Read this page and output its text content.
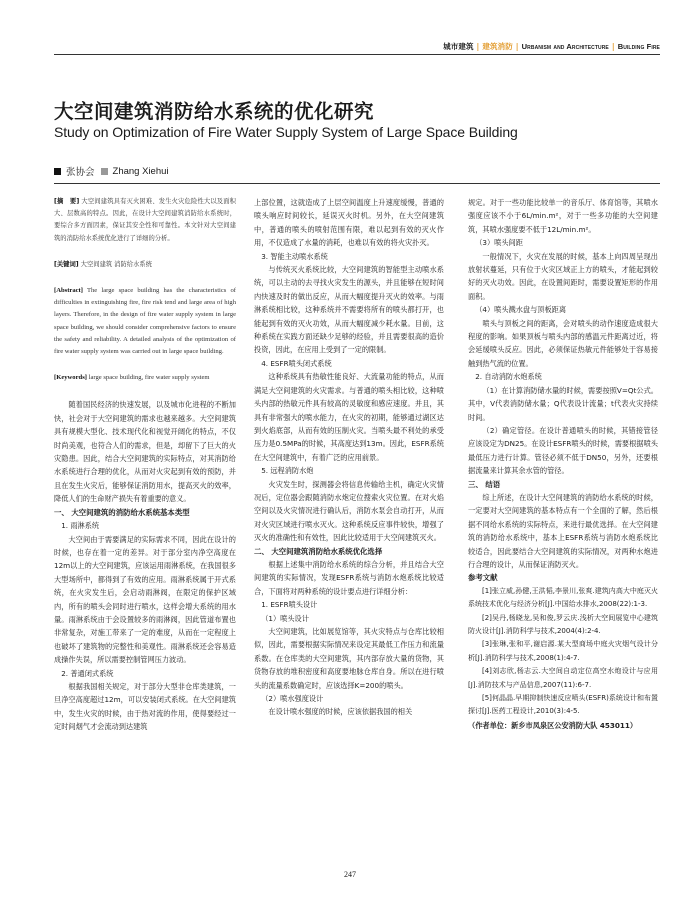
城市建筑 | 建筑消防 | Urbanism and Architecture | Building Fire
大空间建筑消防给水系统的优化研究
Study on Optimization of Fire Water Supply System of Large Space Building
张协会 Zhang Xiehui
[摘　要] 大空间建筑具有灭火困难、发生火灾危险性大以及面积大、层数高的特点。因此，在设计大空间建筑消防给水系统时，要综合多方面因素，保证其安全性和可靠性。本文针对大空间建筑的消防给水系统优化进行了详细的分析。
[关键词] 大空间建筑 消防给水系统
[Abstract] The large space building has the characteristics of difficulties in extinguishing fire, fire risk tend and large area of high layers. Therefore, in the design of fire water supply system in large space building, we should consider comprehensive factors to ensure the safety and reliability. A detailed analysis of the optimization of fire water supply system was carried out in large space building.
[Keywords] large space building, fire water supply system

随着国民经济的快速发展，以及城市化进程的不断加快，社会对于大空间建筑的需求也越来越多。大空间建筑具有规模大型化、技术现代化和视觉开阔化的特点，不仅时尚美观，也符合人们的需求，但是，却留下了巨大的火灾隐患。因此，结合大空间建筑的实际特点，对其消防给水系统进行合理的优化，从而对火灾起到有效的预防，并且在发生火灾后，能够保证消防用水，提高灭火的效率，降低人们的生命财产损失有着重要的意义。

一、 大空间建筑的消防给水系统基本类型
1. 雨淋系统

大空间由于需要满足的实际需求不同，因此在设计的时候，也存在着一定的差异。对于部分室内净空高度在12m以上的大空间建筑，应该运用雨淋系统，在我国很多大型场所中，都得到了有效的应用。雨淋系统属于开式系统，在火灾发生后，会启动雨淋阀，在限定的保护区域内，所有的喷头会同时进行喷水，这样会增大系统的用水量。雨淋系统由于会设置较多的雨淋阀，因此管道布置也非常复杂，对施工带来了一定的难度，从而在一定程度上也破坏了建筑物的完整性和美观性。雨淋系统还会容易造成操作失误，所以需要控制管网压力波动。

2. 普通闭式系统

根据我国相关规定，对于部分大型非仓库类建筑，一旦净空高度超过12m，可以安装闭式系统。在大空间建筑中，发生火灾的时候，由于热对流的作用，使得要经过一定时间烟气才会流动到达建筑

上部位置，这就造成了上层空间温度上升速度缓慢，普通的喷头响应时间较长，延误灭火时机。另外，在大空间建筑中，普通的喷头的喷射范围有限，难以起到有效的灭火作用，不仅造成了水量的消耗，也难以有效的将火灾扑灭。

3. 智能主动喷水系统

与传统灭火系统比较，大空间建筑的智能型主动喷水系统，可以主动的去寻找火灾发生的源头，并且能够在短时间内快速及时的做出反应，从而大幅度提升灭火的效率。与雨淋系统相比较，这种系统并不需要将所有的喷头都打开，也能起到有效的灭火功效，从而大幅度减少耗水量。目前，这种系统在实践方面还缺少足够的经验，并且需要很高的造价投资，因此，在应用上受到了一定的限制。

4. ESFR喷头闭式系统

这种系统具有热敏性能良好、大流量功能的特点，从而满足大空间建筑的火灾需求。与普通的喷头相比较，这种喷头内部的热敏元件具有较高的灵敏度和感应速度。并且，其具有非常强大的喷水能力，在火灾的初期，能够通过湖区达到火焰底部，从而有效的压制火灾。当喷头最不利处的承受压力是0.5MPa的时候，其高度达到13m。因此，ESFR系统在大空间建筑中，有着广泛的应用前景。

5. 远程消防水炮

火灾发生时，探测器会将信息传输给主机，确定火灾情况后，定位器会跟随消防水炮定位搜索火灾位置。在对火焰空间以及火灾情况进行确认后，消防水泵会自动打开，从而对火灾区域进行喷水灭火。这种系统反应事件较快，增强了灭火的准确性和有效性，因此比较适用于大空间建筑灭火。

二、 大空间建筑消防给水系统优化选择

根据上述集中消防给水系统的综合分析，并且结合大空间建筑的实际情况，发现ESFR系统与消防水炮系统比较适合，下面将对两种系统的设计要点进行详细分析：

1. ESFR喷头设计
（1）喷头设计

大空间建筑，比如展览馆等，其火灾特点与仓库比较相似，因此，需要根据实际情况来设定其最低工作压力和流量系数。在仓库类的大空间建筑，其内部存放大量的货物，其货物存放的堆积密度和高度要地脉仓库自身。所以在进行喷头的流量系数确定时，应该选择K=200的喷头。

（2）喷水强度设计

在设计喷水强度的时候，应该依据我国的相关

规定。对于一些功能比较单一的音乐厅、体育馆等，其喷水强度应该不小于6L/min.m²，对于一些多功能的大空间建筑，其喷水强度要不低于12L/min.m²。

（3）喷头间距

一般情况下，火灾在发展的时候，基本上向四周呈现出放射状蔓延，只有位于火灾区域正上方的喷头，才能起到较好的灭火功效。因此，在设置间距时，需要设置矩形的作用面积。

（4）喷头溅水盘与顶板距离

喷头与顶板之间的距离，会对喷头的动作速度造成很大程度的影响。如果顶板与喷头内部的感温元件距离过近，将会延缓喷头反应。因此，必须保证热敏元件能够处于容易接触到热气流的位置。

2. 自动消防水炮系统

（1）在计算消防储水量的时候，需要按照V=Qt公式。其中，V代表消防储水量；Q代表设计流量；t代表火灾持续时间。

（2）确定管径。在设计普通喷头的时候，其错接管径应该设定为DN25。在设计ESFR喷头的时候，需要根据喷头最低压力进行计算。管径必须不低于DN50，另外，还要根据流量来计算其余水管的管径。

三、 结语

综上所述，在设计大空间建筑的消防给水系统的时候，一定要对大空间建筑的基本特点有一个全面的了解，然后根据不同给水系统的实际特点，来进行最优选择。在大空间建筑的消防给水系统中，基本上ESFR系统与消防水炮系统比较适合，因此要结合大空间建筑的实际情况，对两种水炮进行合理的设计，从而保证消防灭火。

参考文献

[1]张立威,孙健,王洪韬,李景川,张爽.建筑内高大中庭灭火系统技术优化与经济分析[J].中国给水排水,2008(22):1-3.

[2]吴丹,杨晓龙,吴和俊,罗云庆.浅析大空间展览中心建筑防火设计[J].消防科学与技术,2004(4):2-4.

[3]张琳,张和平,谢启源.某大型商场中庭火灾烟气设计分析[J].消防科学与技术,2008(1):4-7.

[4]刘志欣,杨志云.大空间自动定位高空水炮设计与应用[J].消防技术与产品信息,2007(11):6-7.

[5]何晶晶.早期抑制快速反应喷头(ESFR)系统设计和布置探讨[J].医药工程设计,2010(3):4-5.

（作者单位：新乡市凤泉区公安消防大队 453011）
247
